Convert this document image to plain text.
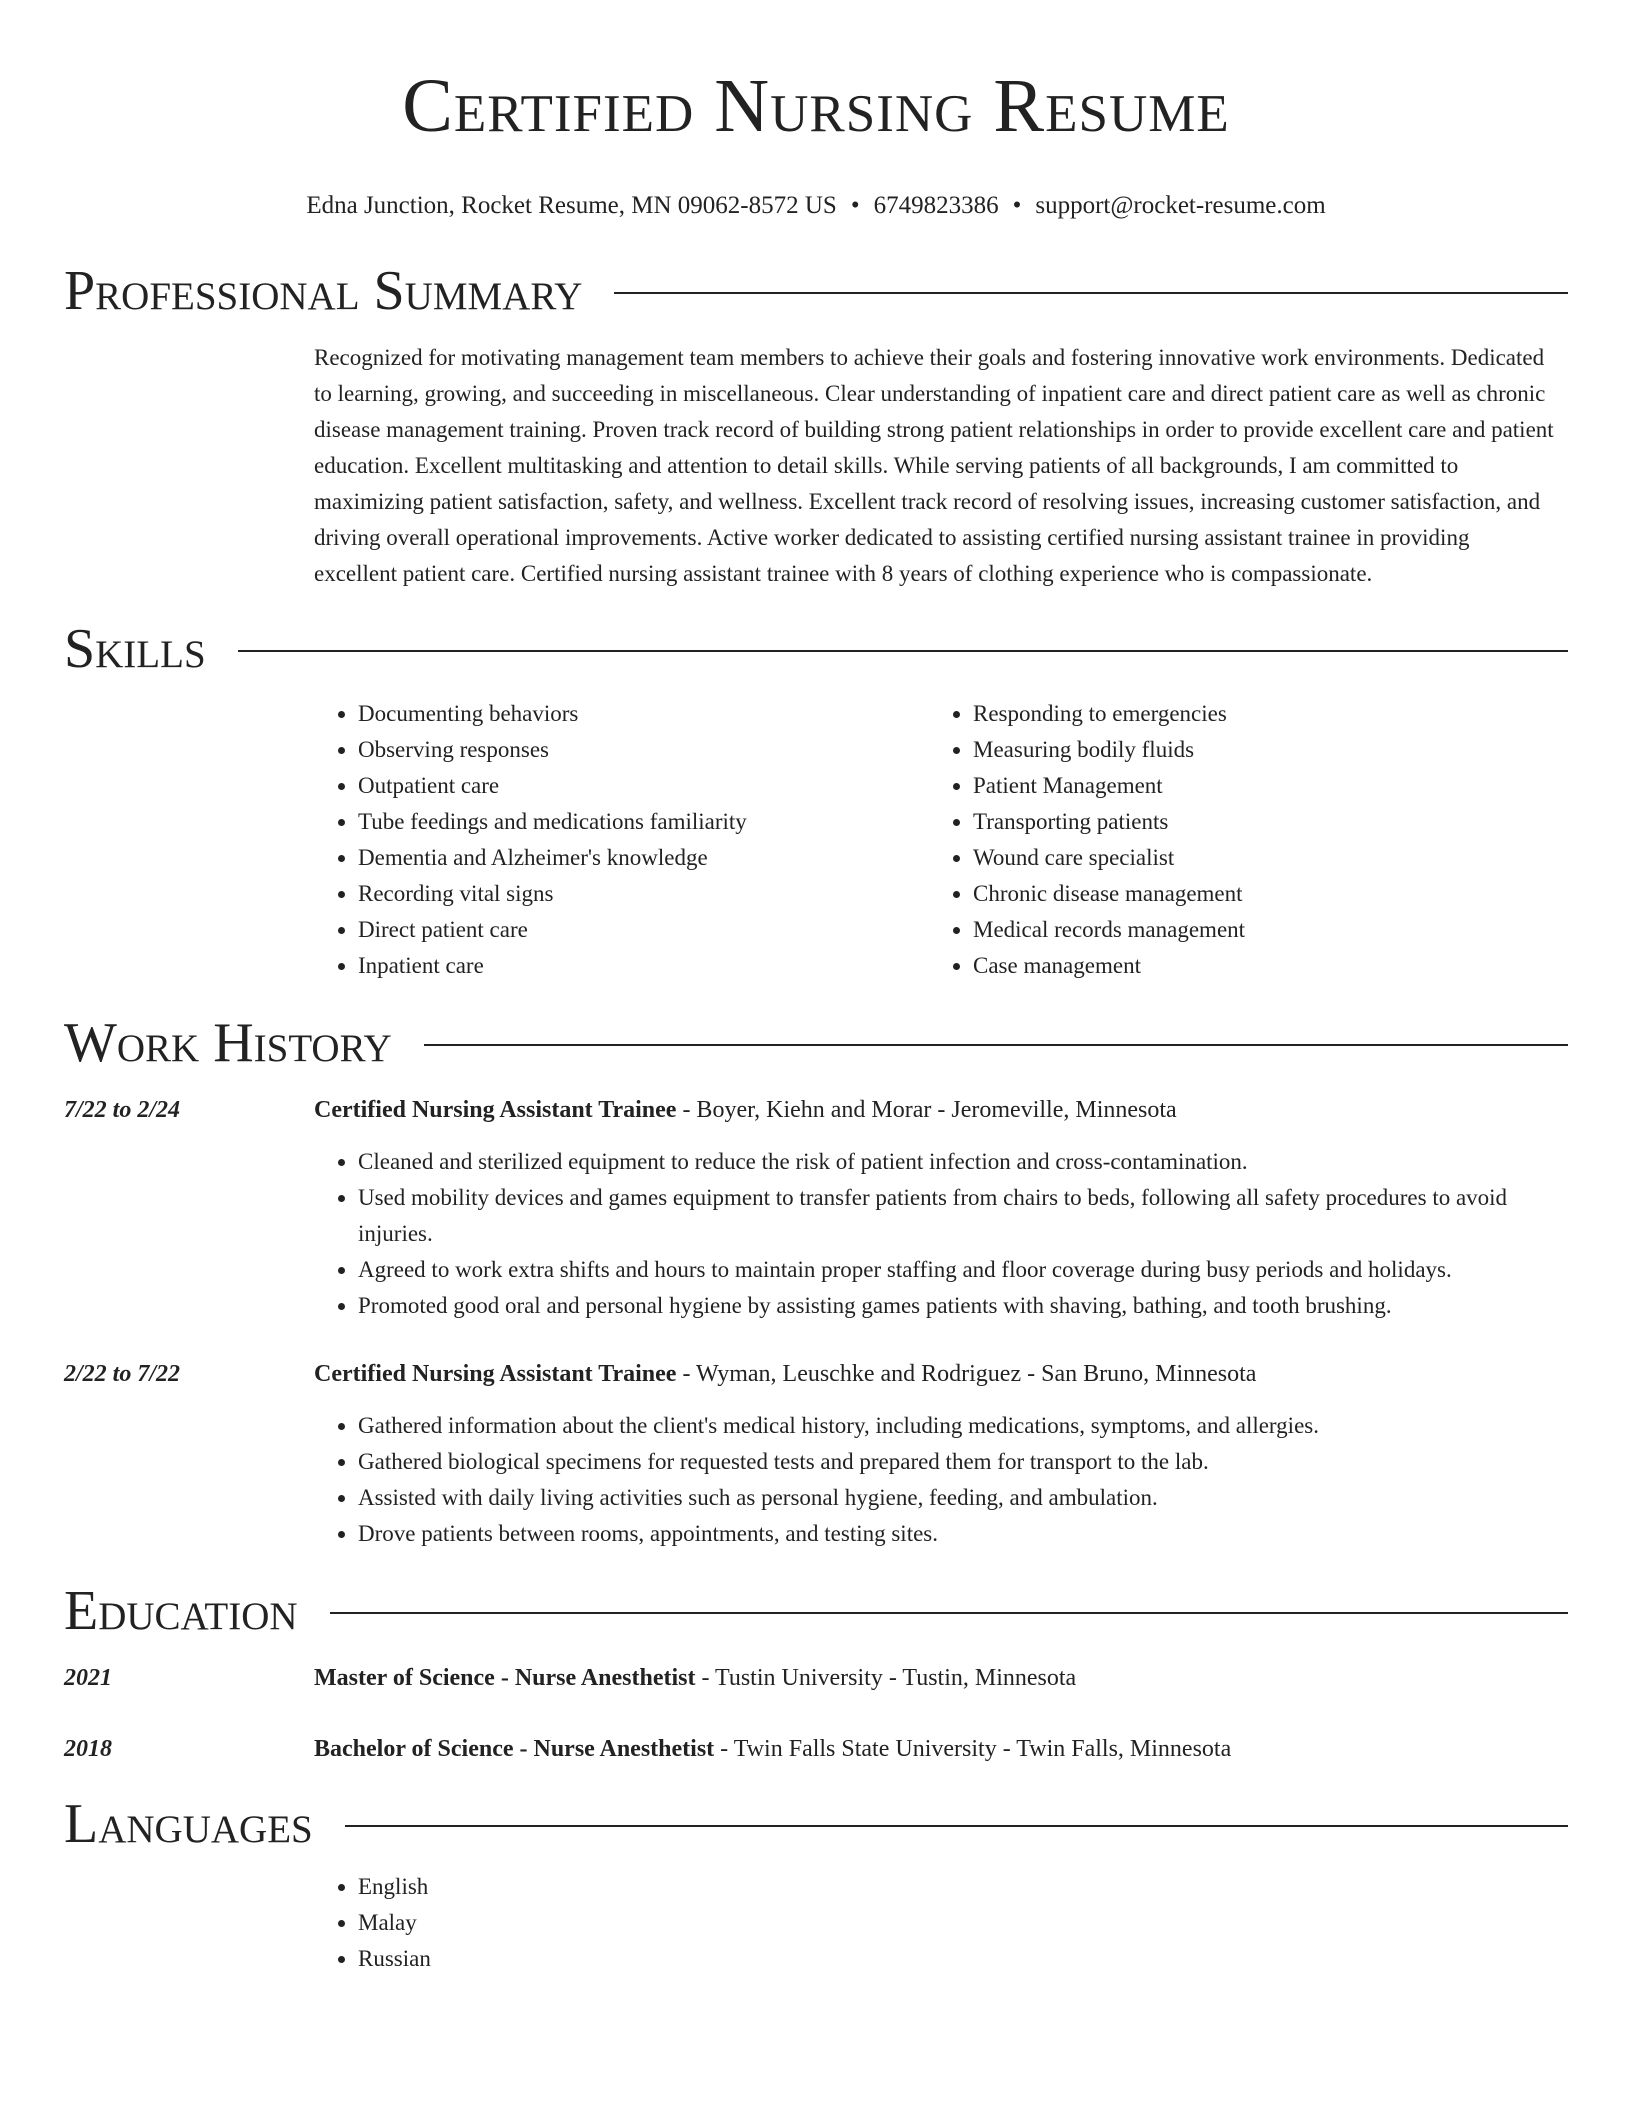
Certified Nursing Resume
Edna Junction, Rocket Resume, MN 09062-8572 US • 6749823386 • support@rocket-resume.com
Professional Summary
Recognized for motivating management team members to achieve their goals and fostering innovative work environments. Dedicated to learning, growing, and succeeding in miscellaneous. Clear understanding of inpatient care and direct patient care as well as chronic disease management training. Proven track record of building strong patient relationships in order to provide excellent care and patient education. Excellent multitasking and attention to detail skills. While serving patients of all backgrounds, I am committed to maximizing patient satisfaction, safety, and wellness. Excellent track record of resolving issues, increasing customer satisfaction, and driving overall operational improvements. Active worker dedicated to assisting certified nursing assistant trainee in providing excellent patient care. Certified nursing assistant trainee with 8 years of clothing experience who is compassionate.
Skills
• Documenting behaviors
• Observing responses
• Outpatient care
• Tube feedings and medications familiarity
• Dementia and Alzheimer's knowledge
• Recording vital signs
• Direct patient care
• Inpatient care
• Responding to emergencies
• Measuring bodily fluids
• Patient Management
• Transporting patients
• Wound care specialist
• Chronic disease management
• Medical records management
• Case management
Work History
7/22 to 2/24	Certified Nursing Assistant Trainee - Boyer, Kiehn and Morar - Jeromeville, Minnesota
• Cleaned and sterilized equipment to reduce the risk of patient infection and cross-contamination.
• Used mobility devices and games equipment to transfer patients from chairs to beds, following all safety procedures to avoid injuries.
• Agreed to work extra shifts and hours to maintain proper staffing and floor coverage during busy periods and holidays.
• Promoted good oral and personal hygiene by assisting games patients with shaving, bathing, and tooth brushing.
2/22 to 7/22	Certified Nursing Assistant Trainee - Wyman, Leuschke and Rodriguez - San Bruno, Minnesota
• Gathered information about the client's medical history, including medications, symptoms, and allergies.
• Gathered biological specimens for requested tests and prepared them for transport to the lab.
• Assisted with daily living activities such as personal hygiene, feeding, and ambulation.
• Drove patients between rooms, appointments, and testing sites.
Education
2021	Master of Science - Nurse Anesthetist - Tustin University - Tustin, Minnesota
2018	Bachelor of Science - Nurse Anesthetist - Twin Falls State University - Twin Falls, Minnesota
Languages
• English
• Malay
• Russian
